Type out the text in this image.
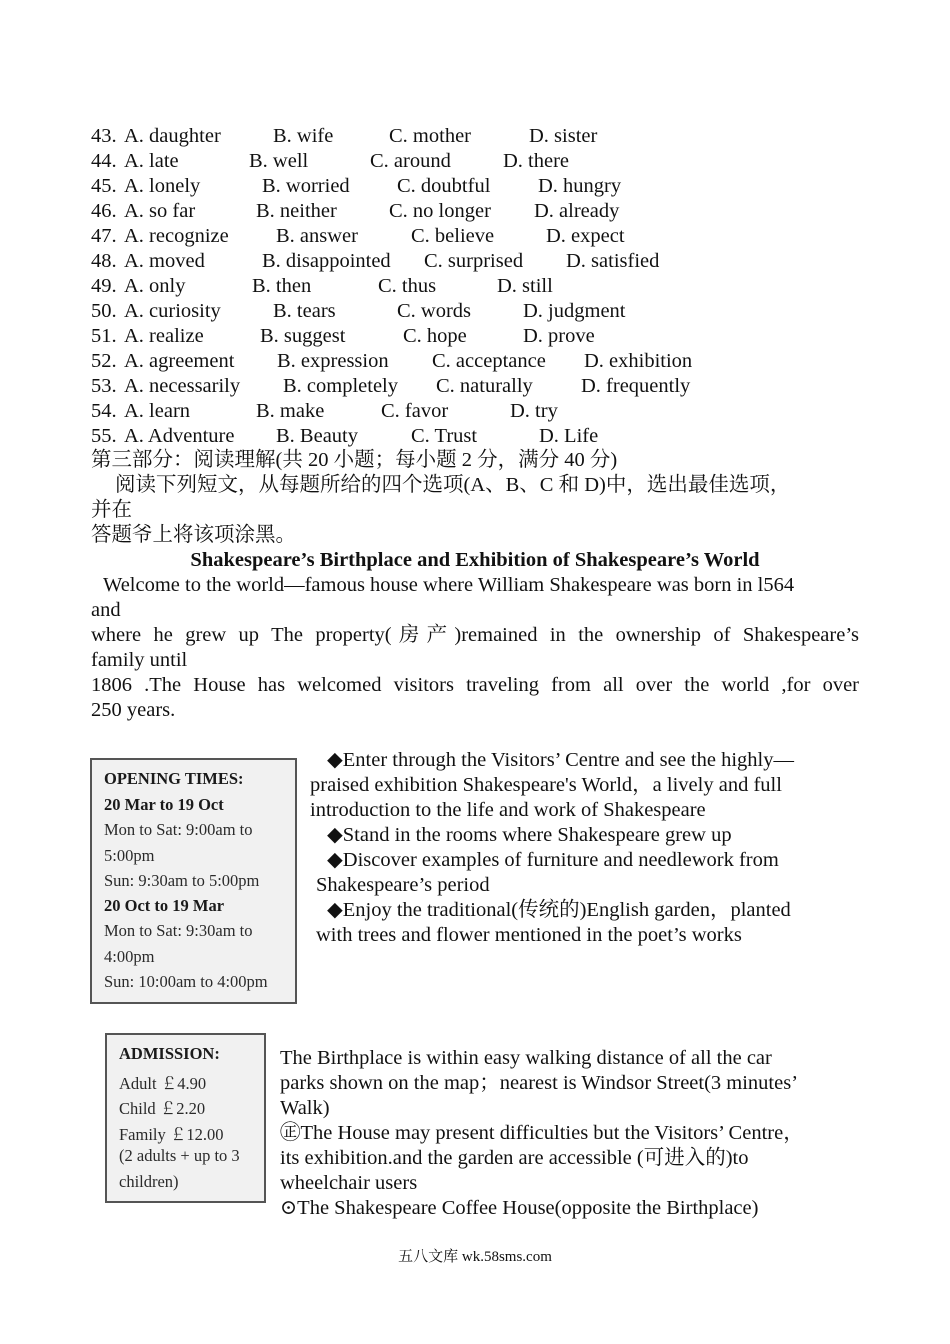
43. A. daughter	B. wife	C. mother	D. sister
44. A. late	B. well	C. around	D. there
45. A. lonely	B. worried C. doubtful D. hungry
46. A. so far	B. neither	C. no longer D. already
47. A. recognize B. answer	C. believe	D. expect
48. A. moved	B. disappointed C. surprised D. satisfied
49. A. only	B. then	C. thus	D. still
50. A. curiosity	B. tears	C. words	D. judgment
51. A. realize	B. suggest	C. hope	D. prove
52. A. agreement B. expression C. acceptance D. exhibition
53. A. necessarily B. completely C. naturally D. frequently
54. A. learn	B. make	C. favor	D. try
55. A. Adventure B. Beauty	C. Trust	D. Life
第三部分：阅读理解(共 20 小题；每小题 2 分，满分 40 分)
阅读下列短文，从每题所给的四个选项(A、B、C 和 D)中，选出最佳选项，
并在
答题爷上将该项涂黑。
Shakespeare’s Birthplace and Exhibition of Shakespeare’s World
Welcome to the world—famous house where William Shakespeare was born in l564
and
where he grew up The property(房产)remained in the ownership of Shakespeare’s
family until
1806 .The House has welcomed visitors traveling from all over the world ,for over
250 years.
OPENING TIMES:
20 Mar to 19 Oct
Mon to Sat: 9:00am to
5:00pm
Sun: 9:30am to 5:00pm
20 Oct to 19 Mar
Mon to Sat: 9:30am to
4:00pm
Sun: 10:00am to 4:00pm
◆Enter through the Visitors’ Centre and see the highly—
praised exhibition Shakespeare's World，a lively and full
introduction to the life and work of Shakespeare
◆Stand in the rooms where Shakespeare grew up
◆Discover examples of furniture and needlework from
Shakespeare’s period
◆Enjoy the traditional(传统的)English garden，planted
with trees and flower mentioned in the poet’s works
ADMISSION:
Adult ￡4.90
Child ￡2.20
Family ￡12.00
(2 adults + up to 3
children)
The Birthplace is within easy walking distance of all the car
parks shown on the map；nearest is Windsor Street(3 minutes’
Walk)
㊣The House may present difficulties but the Visitors’ Centre，
its exhibition.and the garden are accessible (可进入的)to
wheelchair users
⊙The Shakespeare Coffee House(opposite the Birthplace)
五八文库 wk.58sms.com
